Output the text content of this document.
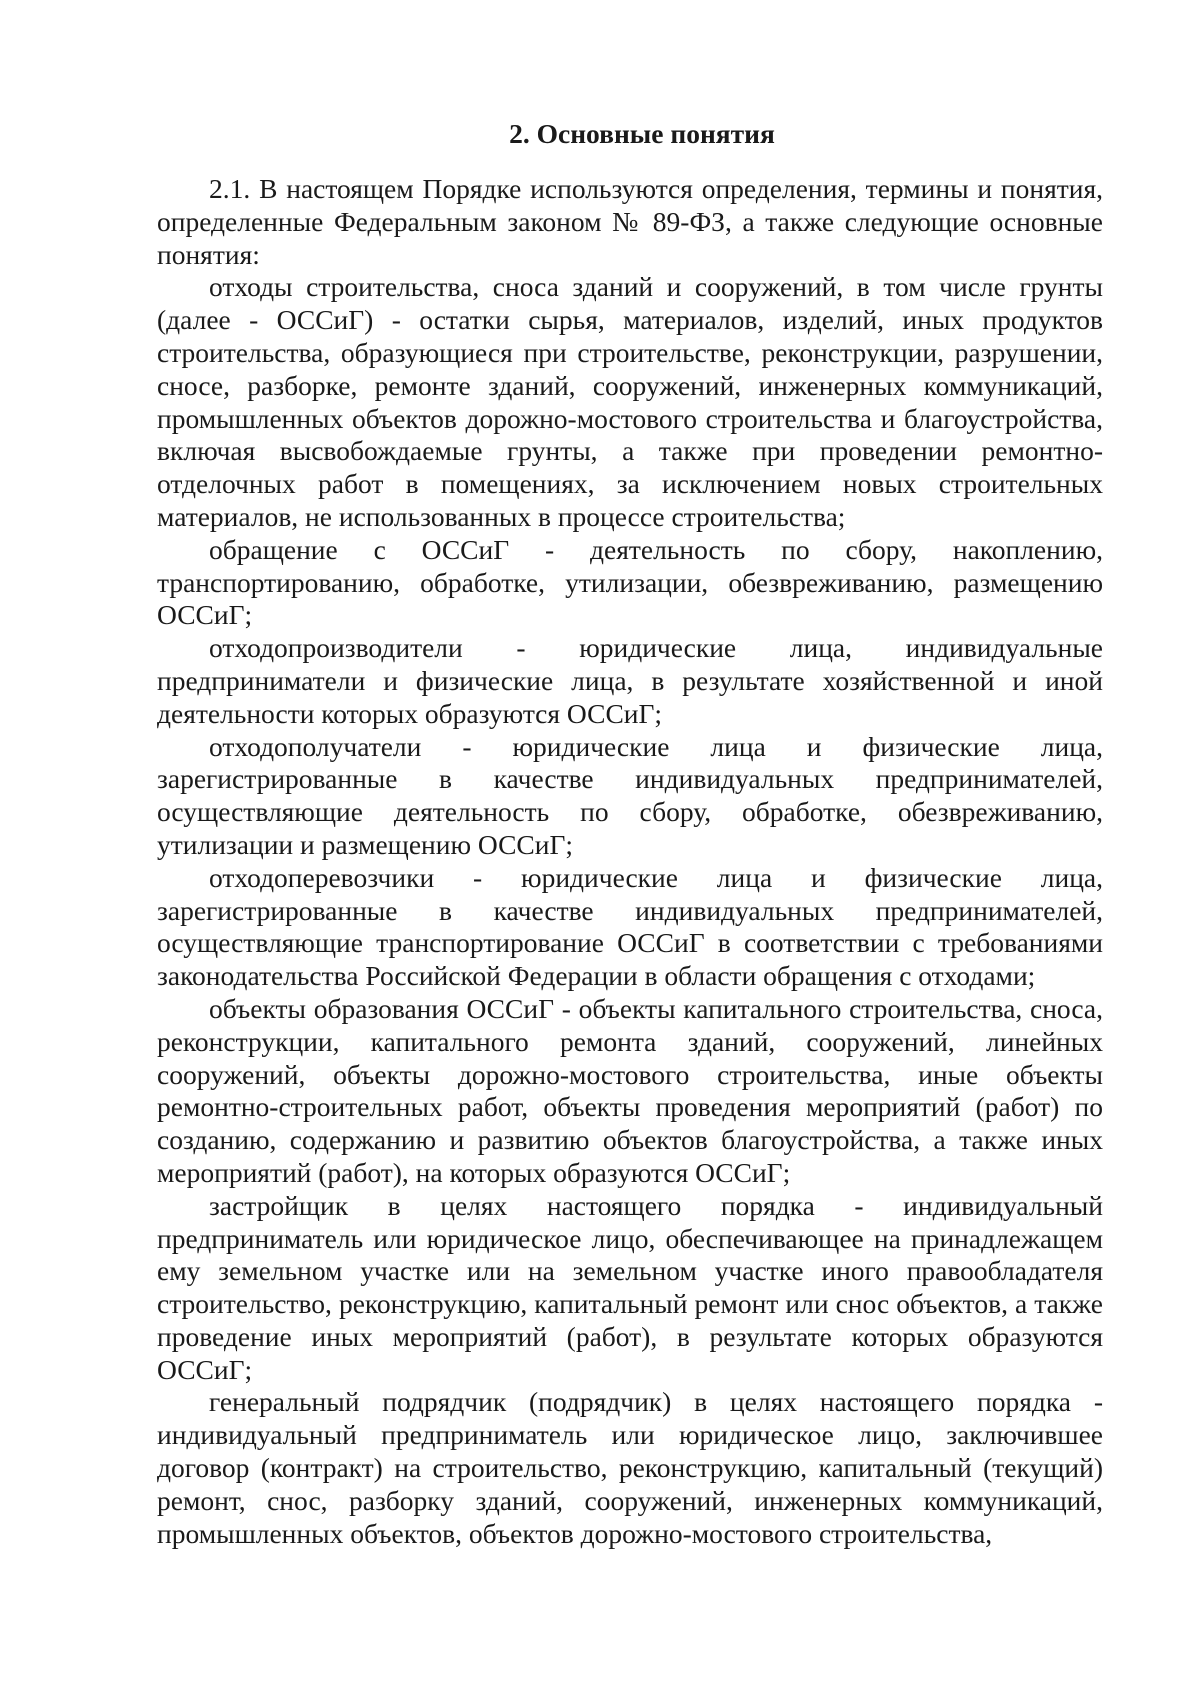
2. Основные понятия

2.1. В настоящем Порядке используются определения, термины и понятия, определенные Федеральным законом № 89-ФЗ, а также следующие основные понятия:

отходы строительства, сноса зданий и сооружений, в том числе грунты (далее - ОССиГ) - остатки сырья, материалов, изделий, иных продуктов строительства, образующиеся при строительстве, реконструкции, разрушении, сносе, разборке, ремонте зданий, сооружений, инженерных коммуникаций, промышленных объектов дорожно-мостового строительства и благоустройства, включая высвобождаемые грунты, а также при проведении ремонтно-отделочных работ в помещениях, за исключением новых строительных материалов, не использованных в процессе строительства;

обращение с ОССиГ - деятельность по сбору, накоплению, транспортированию, обработке, утилизации, обезвреживанию, размещению ОССиГ;

отходопроизводители - юридические лица, индивидуальные предприниматели и физические лица, в результате хозяйственной и иной деятельности которых образуются ОССиГ;

отходополучатели - юридические лица и физические лица, зарегистрированные в качестве индивидуальных предпринимателей, осуществляющие деятельность по сбору, обработке, обезвреживанию, утилизации и размещению ОССиГ;

отходоперевозчики - юридические лица и физические лица, зарегистрированные в качестве индивидуальных предпринимателей, осуществляющие транспортирование ОССиГ в соответствии с требованиями законодательства Российской Федерации в области обращения с отходами;

объекты образования ОССиГ - объекты капитального строительства, сноса, реконструкции, капитального ремонта зданий, сооружений, линейных сооружений, объекты дорожно-мостового строительства, иные объекты ремонтно-строительных работ, объекты проведения мероприятий (работ) по созданию, содержанию и развитию объектов благоустройства, а также иных мероприятий (работ), на которых образуются ОССиГ;

застройщик в целях настоящего порядка - индивидуальный предприниматель или юридическое лицо, обеспечивающее на принадлежащем ему земельном участке или на земельном участке иного правообладателя строительство, реконструкцию, капитальный ремонт или снос объектов, а также проведение иных мероприятий (работ), в результате которых образуются ОССиГ;

генеральный подрядчик (подрядчик) в целях настоящего порядка - индивидуальный предприниматель или юридическое лицо, заключившее договор (контракт) на строительство, реконструкцию, капитальный (текущий) ремонт, снос, разборку зданий, сооружений, инженерных коммуникаций, промышленных объектов, объектов дорожно-мостового строительства,
